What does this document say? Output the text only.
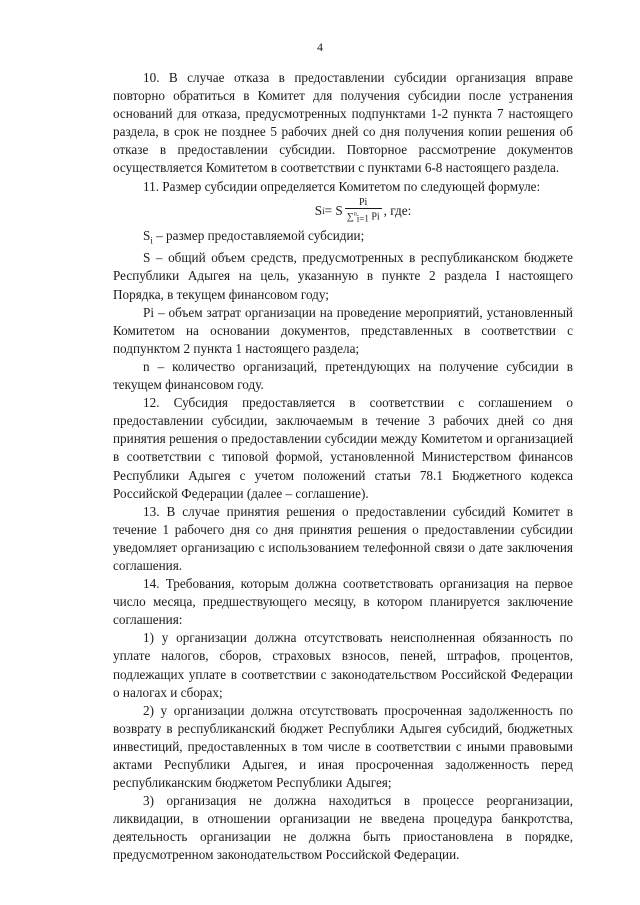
4

10. В случае отказа в предоставлении субсидии организация вправе повторно обратиться в Комитет для получения субсидии после устранения оснований для отказа, предусмотренных подпунктами 1-2 пункта 7 настоящего раздела, в срок не позднее 5 рабочих дней со дня получения копии решения об отказе в предоставлении субсидии. Повторное рассмотрение документов осуществляется Комитетом в соответствии с пунктами 6-8 настоящего раздела.

11. Размер субсидии определяется Комитетом по следующей формуле:

S i = S $\frac{Pi}{\sum^n_{i=1} Pi}$ , где:

$S_i$ – размер предоставляемой субсидии;

S – общий объем средств, предусмотренных в республиканском бюджете Республики Адыгея на цель, указанную в пункте 2 раздела I настоящего Порядка, в текущем финансовом году;

Pi – объем затрат организации на проведение мероприятий, установленный Комитетом на основании документов, представленных в соответствии с подпунктом 2 пункта 1 настоящего раздела;

n – количество организаций, претендующих на получение субсидии в текущем финансовом году.

12. Субсидия предоставляется в соответствии с соглашением о предоставлении субсидии, заключаемым в течение 3 рабочих дней со дня принятия решения о предоставлении субсидии между Комитетом и организацией в соответствии с типовой формой, установленной Министерством финансов Республики Адыгея с учетом положений статьи 78.1 Бюджетного кодекса Российской Федерации (далее – соглашение).

13. В случае принятия решения о предоставлении субсидий Комитет в течение 1 рабочего дня со дня принятия решения о предоставлении субсидии уведомляет организацию с использованием телефонной связи о дате заключения соглашения.

14. Требования, которым должна соответствовать организация на первое число месяца, предшествующего месяцу, в котором планируется заключение соглашения:

1) у организации должна отсутствовать неисполненная обязанность по уплате налогов, сборов, страховых взносов, пеней, штрафов, процентов, подлежащих уплате в соответствии с законодательством Российской Федерации о налогах и сборах;

2) у организации должна отсутствовать просроченная задолженность по возврату в республиканский бюджет Республики Адыгея субсидий, бюджетных инвестиций, предоставленных в том числе в соответствии с иными правовыми актами Республики Адыгея, и иная просроченная задолженность перед республиканским бюджетом Республики Адыгея;

3) организация не должна находиться в процессе реорганизации, ликвидации, в отношении организации не введена процедура банкротства, деятельность организации не должна быть приостановлена в порядке, предусмотренном законодательством Российской Федерации.
